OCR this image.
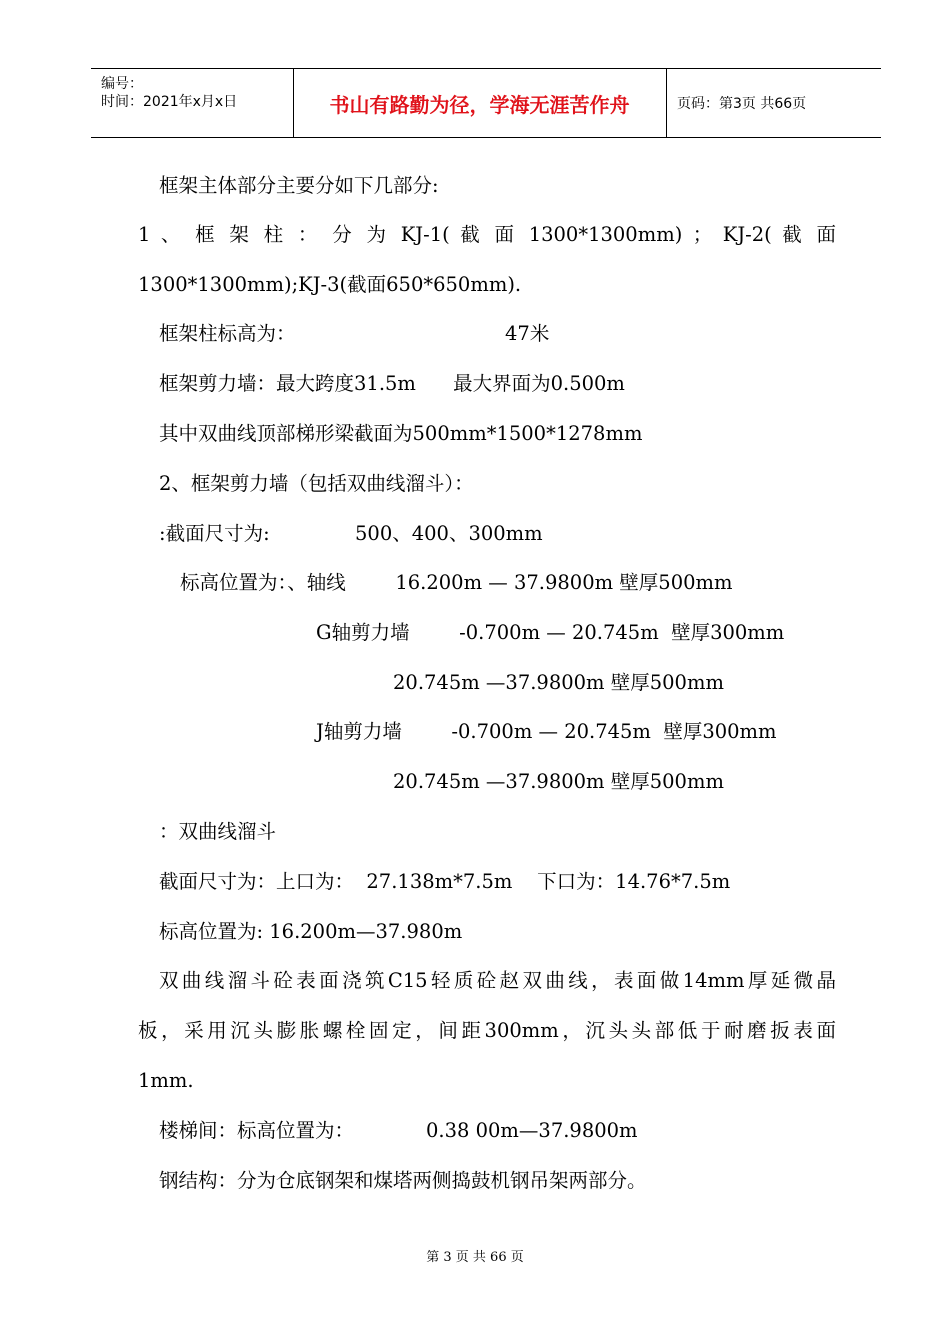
编号：
时间：2021年x月x日	书山有路勤为径，学海无涯苦作舟	页码：第3页 共66页
框架主体部分主要分如下几部分:
1 、 框 架 柱 ： 分 为 KJ-1( 截 面 1300*1300mm) ； KJ-2( 截 面
1300*1300mm);KJ-3(截面650*650mm).
框架柱标高为：	47米
框架剪力墙：最大跨度31.5m      最大界面为0.500m
其中双曲线顶部梯形梁截面为500mm*1500*1278mm
2、框架剪力墙（包括双曲线溜斗）：
:截面尺寸为:	500、400、300mm
标高位置为：、轴线        16.200m — 37.9800m 壁厚500mm
G轴剪力墙        -0.700m — 20.745m  壁厚300mm
20.745m —37.9800m 壁厚500mm
J轴剪力墙        -0.700m — 20.745m  壁厚300mm
20.745m —37.9800m 壁厚500mm
：双曲线溜斗
截面尺寸为：上口为：  27.138m*7.5m    下口为：14.76*7.5m
标高位置为: 16.200m—37.980m
双曲线溜斗砼表面浇筑C15轻质砼赵双曲线，表面做14mm厚延微晶
板，采用沉头膨胀螺栓固定，间距300mm，沉头头部低于耐磨扳表面
1mm.
楼梯间：标高位置为：	0.38 00m—37.9800m
钢结构：分为仓底钢架和煤塔两侧捣鼓机钢吊架两部分。
第 3 页 共 66 页
